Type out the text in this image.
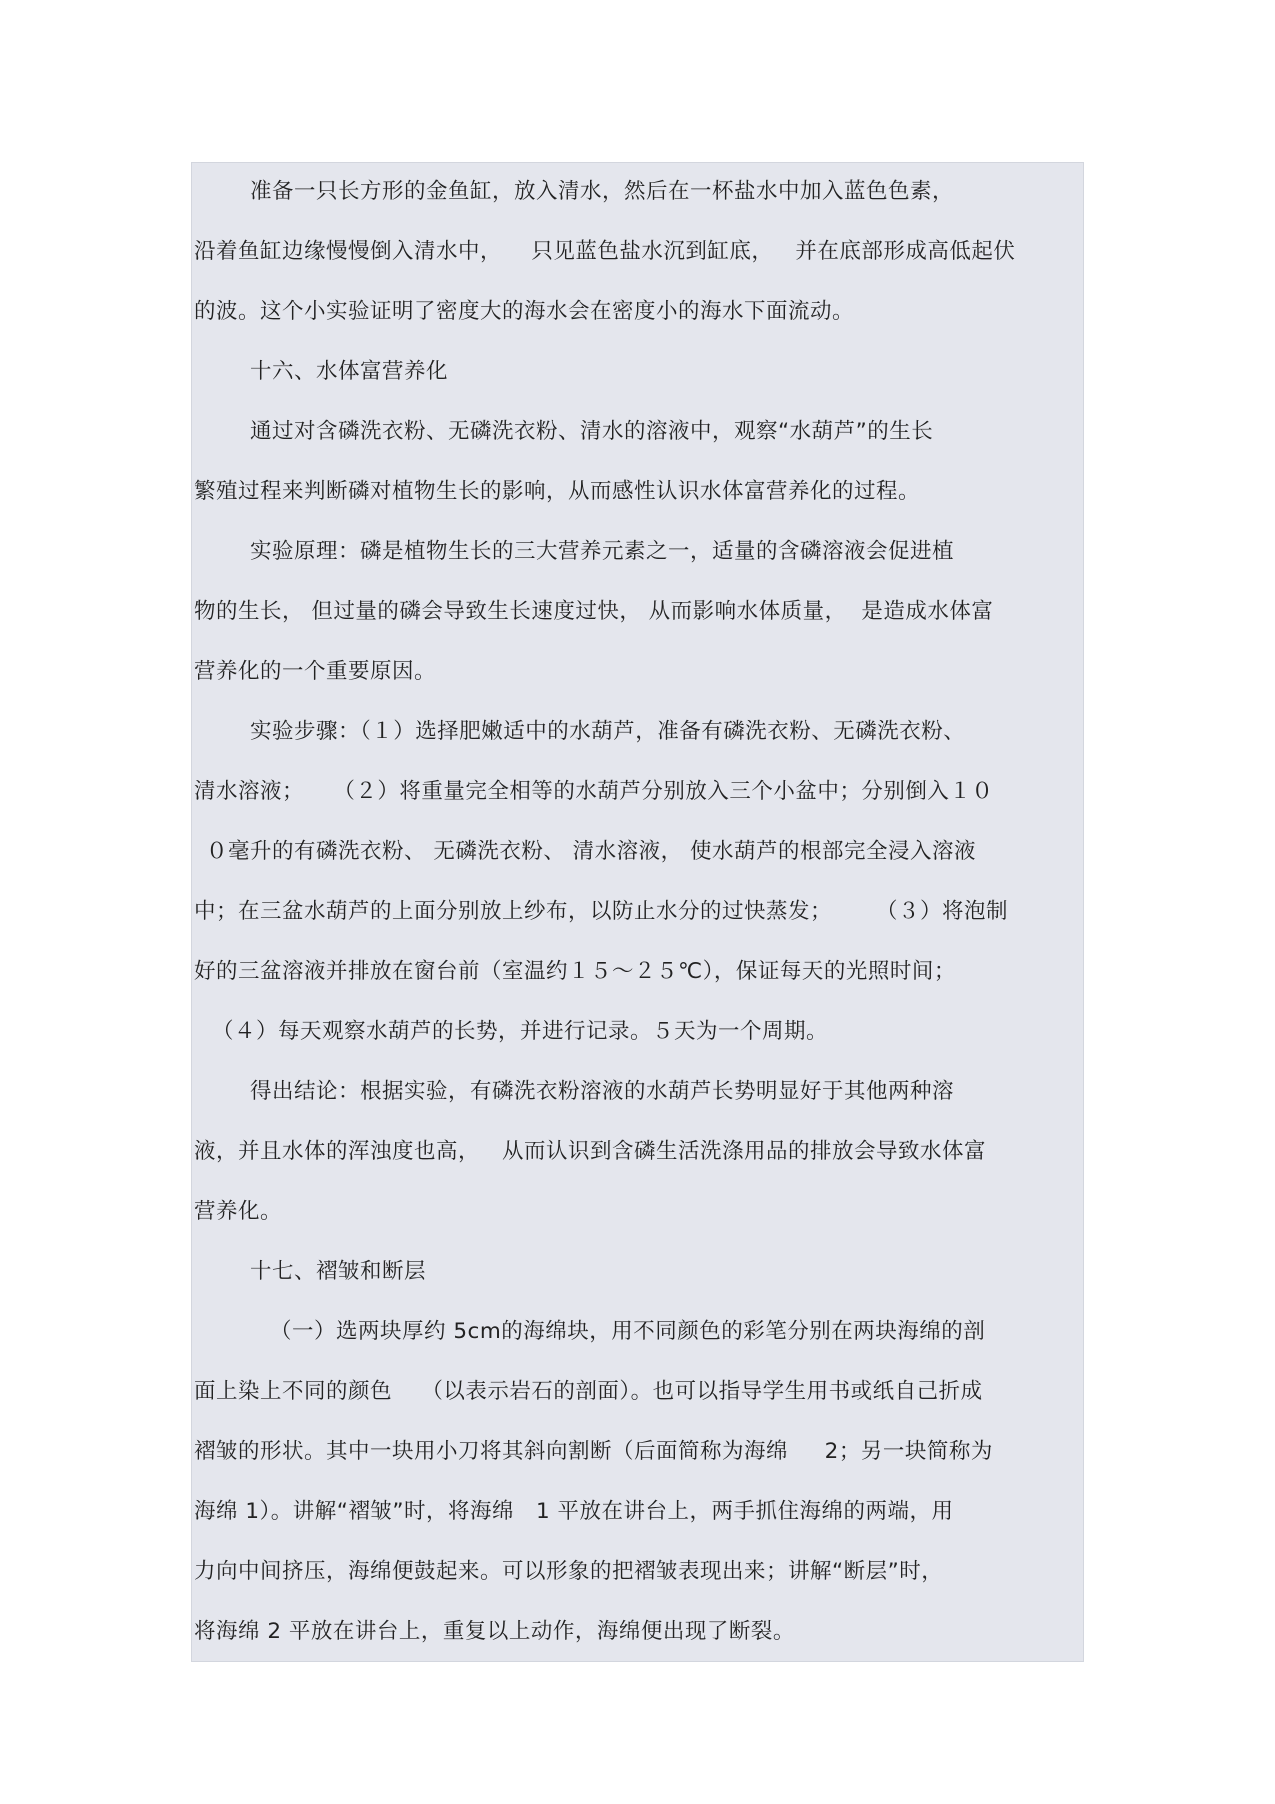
准备一只长方形的金鱼缸，放入清水，然后在一杯盐水中加入蓝色色素，
沿着鱼缸边缘慢慢倒入清水中，    只见蓝色盐水沉到缸底，   并在底部形成高低起伏
的波。这个小实验证明了密度大的海水会在密度小的海水下面流动。
十六、水体富营养化
通过对含磷洗衣粉、无磷洗衣粉、清水的溶液中，观察“水葫芦”的生长
繁殖过程来判断磷对植物生长的影响，从而感性认识水体富营养化的过程。
实验原理：磷是植物生长的三大营养元素之一，适量的含磷溶液会促进植
物的生长， 但过量的磷会导致生长速度过快， 从而影响水体质量，  是造成水体富
营养化的一个重要原因。
实验步骤：（１）选择肥嫩适中的水葫芦，准备有磷洗衣粉、无磷洗衣粉、
清水溶液；    （２）将重量完全相等的水葫芦分别放入三个小盆中；分别倒入１０
０毫升的有磷洗衣粉、 无磷洗衣粉、 清水溶液， 使水葫芦的根部完全浸入溶液
中；在三盆水葫芦的上面分别放上纱布，以防止水分的过快蒸发；      （３）将泡制
好的三盆溶液并排放在窗台前（室温约１５～２５℃），保证每天的光照时间；
（４）每天观察水葫芦的长势，并进行记录。５天为一个周期。
得出结论：根据实验，有磷洗衣粉溶液的水葫芦长势明显好于其他两种溶
液，并且水体的浑浊度也高，   从而认识到含磷生活洗涤用品的排放会导致水体富
营养化。
十七、褶皱和断层
（一）选两块厚约 5cm的海绵块，用不同颜色的彩笔分别在两块海绵的剖
面上染上不同的颜色    （以表示岩石的剖面）。也可以指导学生用书或纸自己折成
褶皱的形状。其中一块用小刀将其斜向割断（后面简称为海绵     2；另一块简称为
海绵 1）。讲解“褶皱”时，将海绵   1 平放在讲台上，两手抓住海绵的两端，用
力向中间挤压，海绵便鼓起来。可以形象的把褶皱表现出来；讲解“断层”时，
将海绵 2 平放在讲台上，重复以上动作，海绵便出现了断裂。
